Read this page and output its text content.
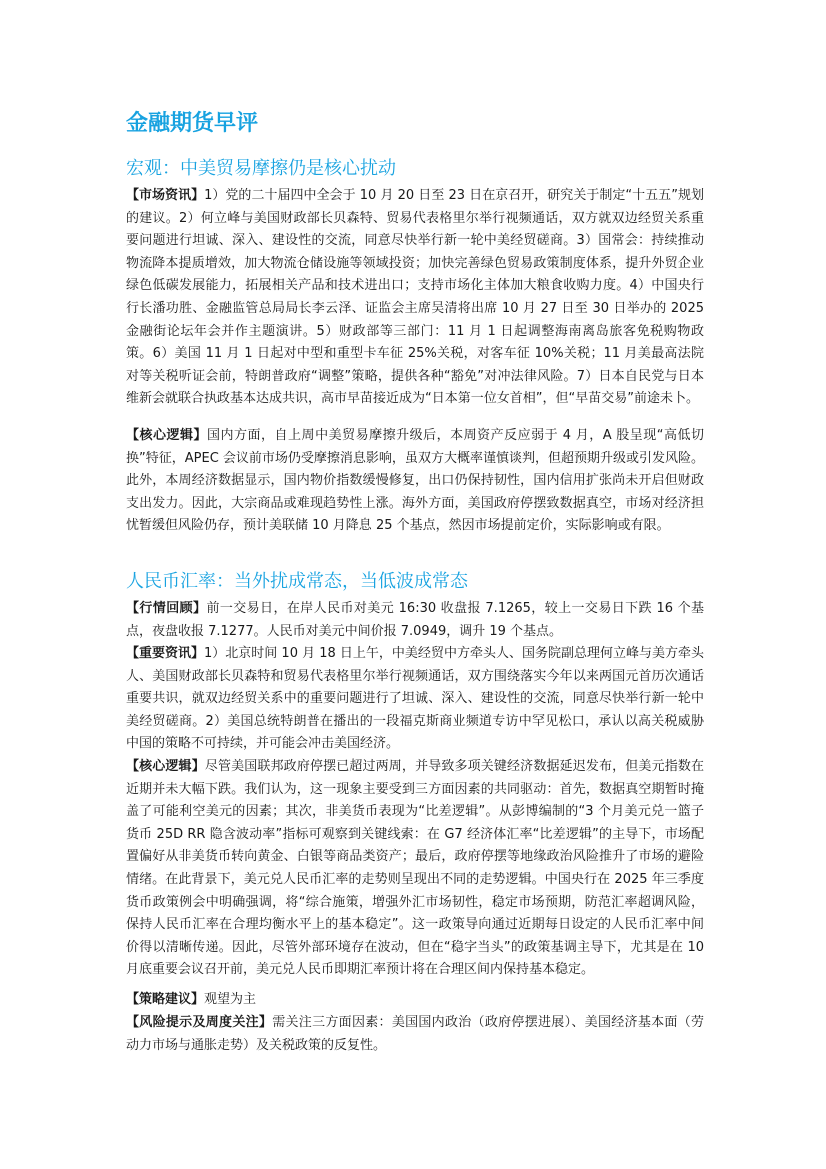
金融期货早评
宏观：中美贸易摩擦仍是核心扰动

【市场资讯】1）党的二十届四中全会于 10 月 20 日至 23 日在京召开，研究关于制定“十五五”规划的建议。2）何立峰与美国财政部长贝森特、贸易代表格里尔举行视频通话，双方就双边经贸关系重要问题进行坦诚、深入、建设性的交流，同意尽快举行新一轮中美经贸磋商。3）国常会：持续推动物流降本提质增效，加大物流仓储设施等领域投资；加快完善绿色贸易政策制度体系，提升外贸企业绿色低碳发展能力，拓展相关产品和技术进出口；支持市场化主体加大粮食收购力度。4）中国央行行长潘功胜、金融监管总局局长李云泽、证监会主席吴清将出席 10 月 27 日至 30 日举办的 2025 金融街论坛年会并作主题演讲。5）财政部等三部门：11 月 1 日起调整海南离岛旅客免税购物政策。6）美国 11 月 1 日起对中型和重型卡车征 25%关税，对客车征 10%关税；11 月美最高法院对等关税听证会前，特朗普政府“调整”策略，提供各种“豁免”对冲法律风险。7）日本自民党与日本维新会就联合执政基本达成共识，高市早苗接近成为“日本第一位女首相”，但“早苗交易”前途未卜。

【核心逻辑】国内方面，自上周中美贸易摩擦升级后，本周资产反应弱于 4 月，A 股呈现“高低切换”特征，APEC 会议前市场仍受摩擦消息影响，虽双方大概率谨慎谈判，但超预期升级或引发风险。此外，本周经济数据显示，国内物价指数缓慢修复，出口仍保持韧性，国内信用扩张尚未开启但财政支出发力。因此，大宗商品或难现趋势性上涨。海外方面，美国政府停摆致数据真空，市场对经济担忧暂缓但风险仍存，预计美联储 10 月降息 25 个基点，然因市场提前定价，实际影响或有限。

人民币汇率：当外扰成常态，当低波成常态

【行情回顾】前一交易日，在岸人民币对美元 16:30 收盘报 7.1265，较上一交易日下跌 16 个基点，夜盘收报 7.1277。人民币对美元中间价报 7.0949，调升 19 个基点。

【重要资讯】1）北京时间 10 月 18 日上午，中美经贸中方牵头人、国务院副总理何立峰与美方牵头人、美国财政部长贝森特和贸易代表格里尔举行视频通话，双方围绕落实今年以来两国元首历次通话重要共识，就双边经贸关系中的重要问题进行了坦诚、深入、建设性的交流，同意尽快举行新一轮中美经贸磋商。2）美国总统特朗普在播出的一段福克斯商业频道专访中罕见松口，承认以高关税威胁中国的策略不可持续，并可能会冲击美国经济。

【核心逻辑】尽管美国联邦政府停摆已超过两周，并导致多项关键经济数据延迟发布，但美元指数在近期并未大幅下跌。我们认为，这一现象主要受到三方面因素的共同驱动：首先，数据真空期暂时掩盖了可能利空美元的因素；其次，非美货币表现为“比差逻辑”。从彭博编制的“3 个月美元兑一篮子货币 25D RR 隐含波动率”指标可观察到关键线索：在 G7 经济体汇率“比差逻辑”的主导下，市场配置偏好从非美货币转向黄金、白银等商品类资产；最后，政府停摆等地缘政治风险推升了市场的避险情绪。在此背景下，美元兑人民币汇率的走势则呈现出不同的走势逻辑。中国央行在 2025 年三季度货币政策例会中明确强调，将“综合施策，增强外汇市场韧性，稳定市场预期，防范汇率超调风险，保持人民币汇率在合理均衡水平上的基本稳定”。这一政策导向通过近期每日设定的人民币汇率中间价得以清晰传递。因此，尽管外部环境存在波动，但在“稳字当头”的政策基调主导下，尤其是在 10 月底重要会议召开前，美元兑人民币即期汇率预计将在合理区间内保持基本稳定。

【策略建议】观望为主

【风险提示及周度关注】需关注三方面因素：美国国内政治（政府停摆进展）、美国经济基本面（劳动力市场与通胀走势）及关税政策的反复性。
